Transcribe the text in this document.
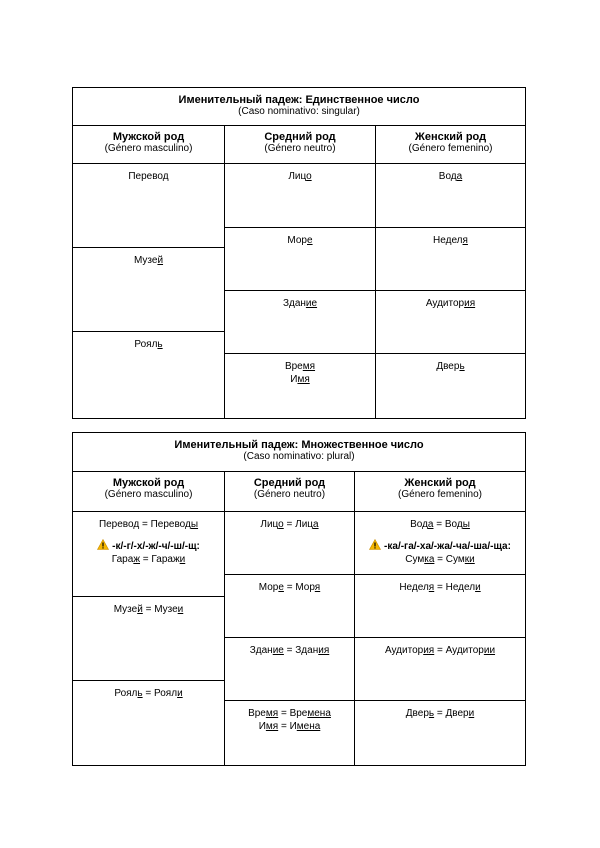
Именительный падеж: Единственное число
(Caso nominativo: singular)
Мужской род
(Género masculino)
Перевод
Музей
Рояль
Средний род
(Género neutro)
Лицо
Море
Здание
Время
Имя
Женский род
(Género femenino)
Вода
Неделя
Аудитория
Дверь
Именительный падеж: Множественное число
(Caso nominativo: plural)
Мужской род
(Género masculino)
Перевод = Переводы
-к/-г/-х/-ж/-ч/-ш/-щ:
Гараж = Гаражи
Музей = Музеи
Рояль = Рояли
Средний род
(Género neutro)
Лицо = Лица
Море = Моря
Здание = Здания
Время = Времена
Имя = Имена
Женский род
(Género femenino)
Вода = Воды
-ка/-га/-ха/-жа/-ча/-ша/-ща:
Сумка = Сумки
Неделя = Недели
Аудитория = Аудитории
Дверь = Двери
